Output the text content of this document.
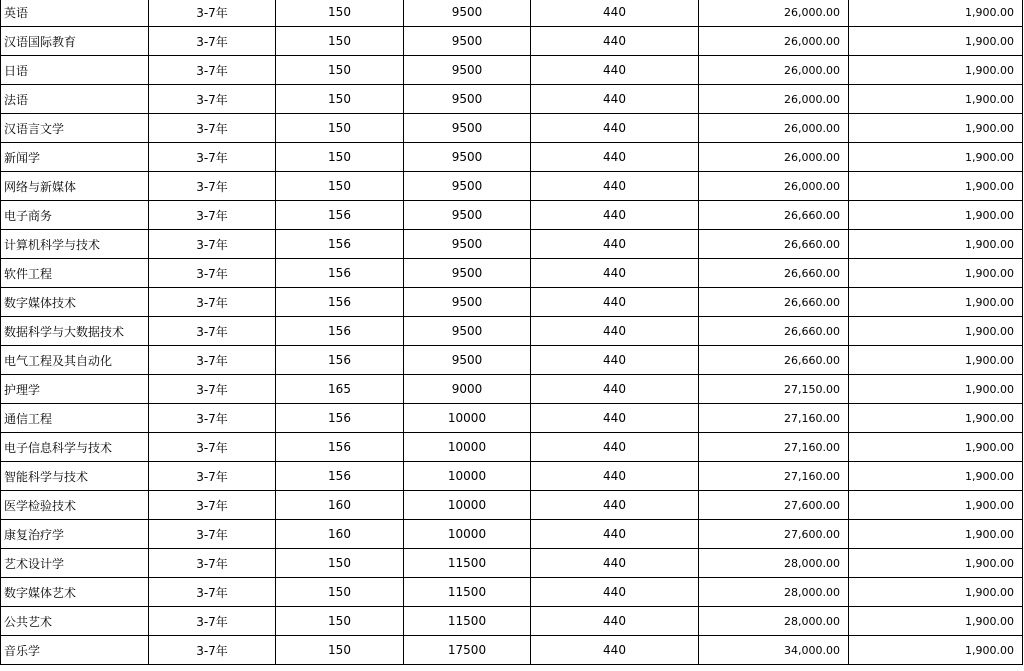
英语	3-7年	150	9500	440	26,000.00	1,900.00
汉语国际教育	3-7年	150	9500	440	26,000.00	1,900.00
日语	3-7年	150	9500	440	26,000.00	1,900.00
法语	3-7年	150	9500	440	26,000.00	1,900.00
汉语言文学	3-7年	150	9500	440	26,000.00	1,900.00
新闻学	3-7年	150	9500	440	26,000.00	1,900.00
网络与新媒体	3-7年	150	9500	440	26,000.00	1,900.00
电子商务	3-7年	156	9500	440	26,660.00	1,900.00
计算机科学与技术	3-7年	156	9500	440	26,660.00	1,900.00
软件工程	3-7年	156	9500	440	26,660.00	1,900.00
数字媒体技术	3-7年	156	9500	440	26,660.00	1,900.00
数据科学与大数据技术	3-7年	156	9500	440	26,660.00	1,900.00
电气工程及其自动化	3-7年	156	9500	440	26,660.00	1,900.00
护理学	3-7年	165	9000	440	27,150.00	1,900.00
通信工程	3-7年	156	10000	440	27,160.00	1,900.00
电子信息科学与技术	3-7年	156	10000	440	27,160.00	1,900.00
智能科学与技术	3-7年	156	10000	440	27,160.00	1,900.00
医学检验技术	3-7年	160	10000	440	27,600.00	1,900.00
康复治疗学	3-7年	160	10000	440	27,600.00	1,900.00
艺术设计学	3-7年	150	11500	440	28,000.00	1,900.00
数字媒体艺术	3-7年	150	11500	440	28,000.00	1,900.00
公共艺术	3-7年	150	11500	440	28,000.00	1,900.00
音乐学	3-7年	150	17500	440	34,000.00	1,900.00
